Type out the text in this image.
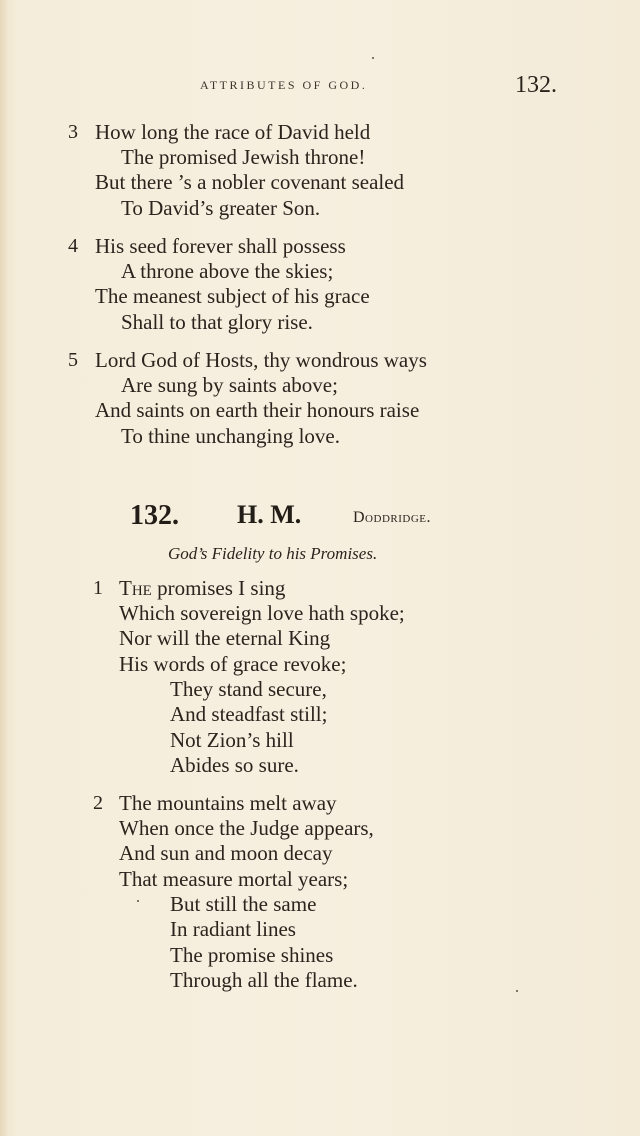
ATTRIBUTES OF GOD.	132.
3 How long the race of David held
The promised Jewish throne!
But there ’s a nobler covenant sealed
To David’s greater Son.
4 His seed forever shall possess
A throne above the skies;
The meanest subject of his grace
Shall to that glory rise.
5 Lord God of Hosts, thy wondrous ways
Are sung by saints above;
And saints on earth their honours raise
To thine unchanging love.
132. H. M.	Doddridge.
God’s Fidelity to his Promises.
1 The promises I sing
Which sovereign love hath spoke;
Nor will the eternal King
His words of grace revoke;
They stand secure,
And steadfast still;
Not Zion’s hill
Abides so sure.
2 The mountains melt away
When once the Judge appears,
And sun and moon decay
That measure mortal years;
But still the same
In radiant lines
The promise shines
Through all the flame.
